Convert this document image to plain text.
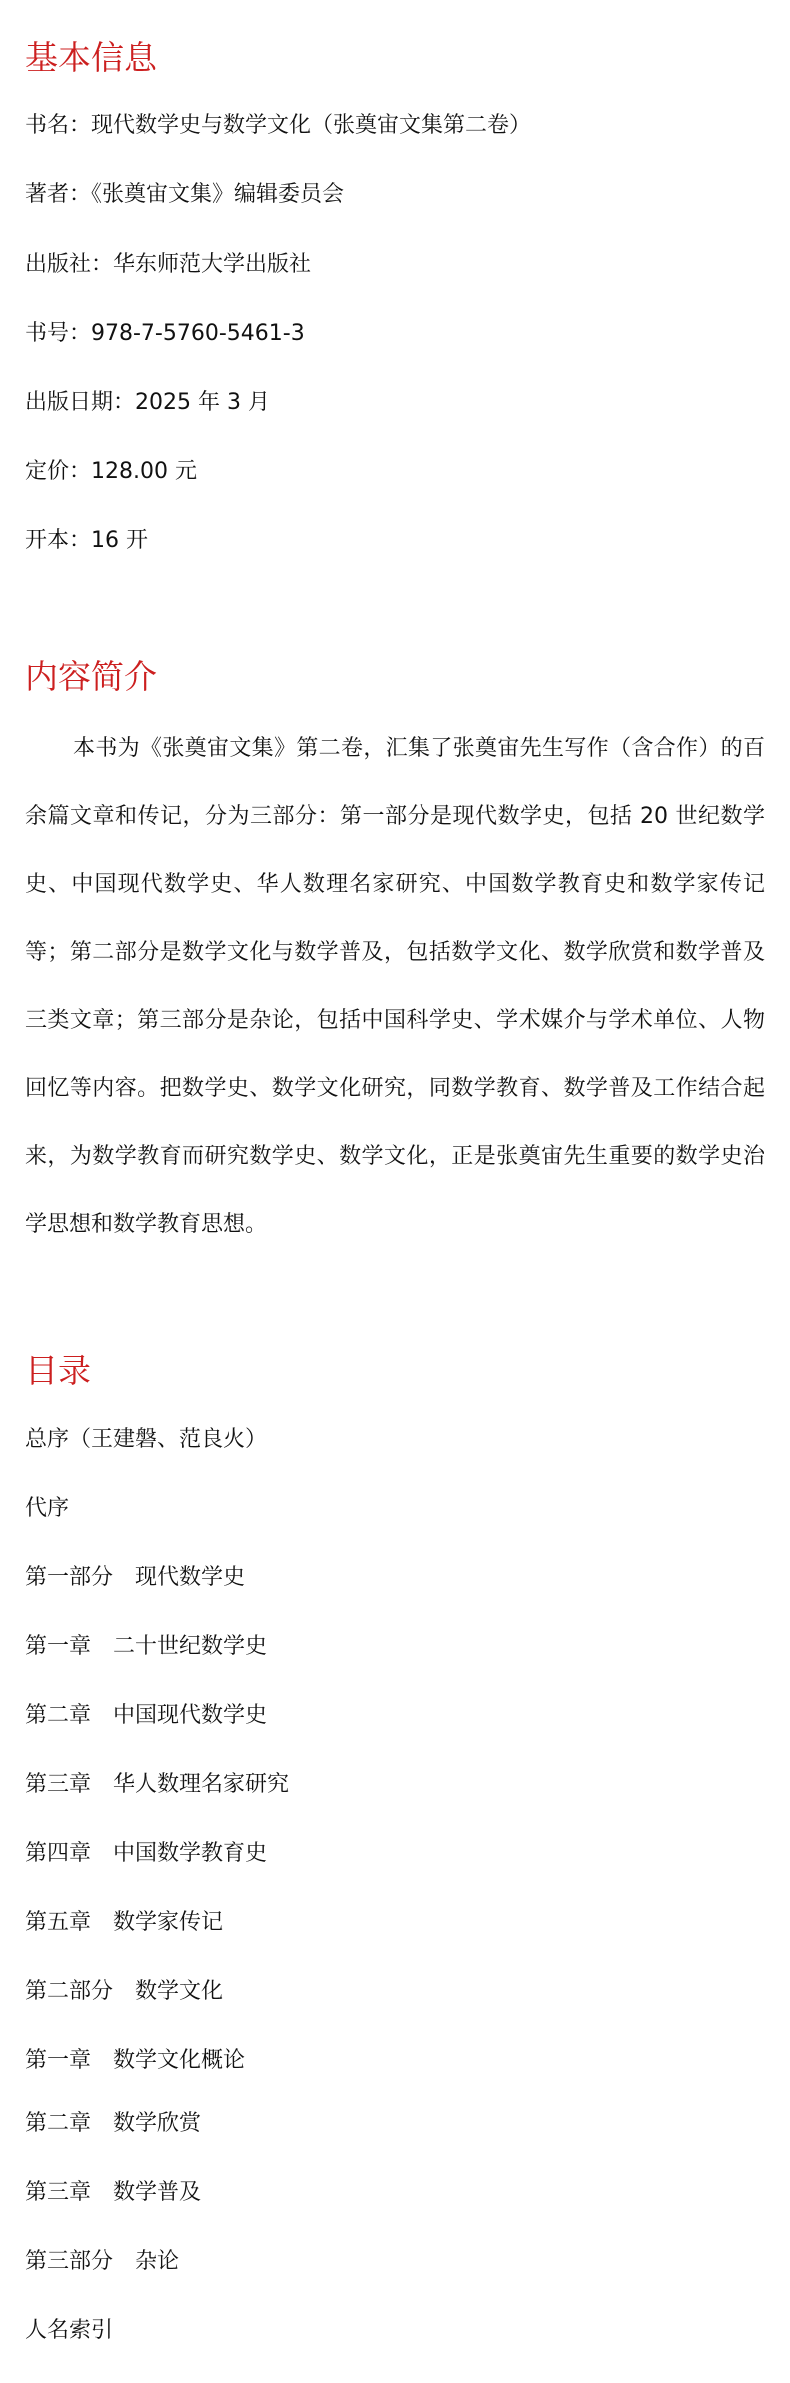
基本信息

书名：现代数学史与数学文化（张奠宙文集第二卷）

著者：《张奠宙文集》编辑委员会

出版社：华东师范大学出版社

书号：978-7-5760-5461-3

出版日期：2025 年 3 月

定价：128.00 元

开本：16 开

内容简介

本书为《张奠宙文集》第二卷，汇集了张奠宙先生写作（含合作）的百余篇文章和传记，分为三部分：第一部分是现代数学史，包括 20 世纪数学史、中国现代数学史、华人数理名家研究、中国数学教育史和数学家传记等；第二部分是数学文化与数学普及，包括数学文化、数学欣赏和数学普及三类文章；第三部分是杂论，包括中国科学史、学术媒介与学术单位、人物回忆等内容。把数学史、数学文化研究，同数学教育、数学普及工作结合起来，为数学教育而研究数学史、数学文化，正是张奠宙先生重要的数学史治学思想和数学教育思想。

目录

总序（王建磐、范良火）

代序

第一部分　现代数学史

第一章　二十世纪数学史

第二章　中国现代数学史

第三章　华人数理名家研究

第四章　中国数学教育史

第五章　数学家传记

第二部分　数学文化

第一章　数学文化概论

第二章　数学欣赏

第三章　数学普及

第三部分　杂论

人名索引
